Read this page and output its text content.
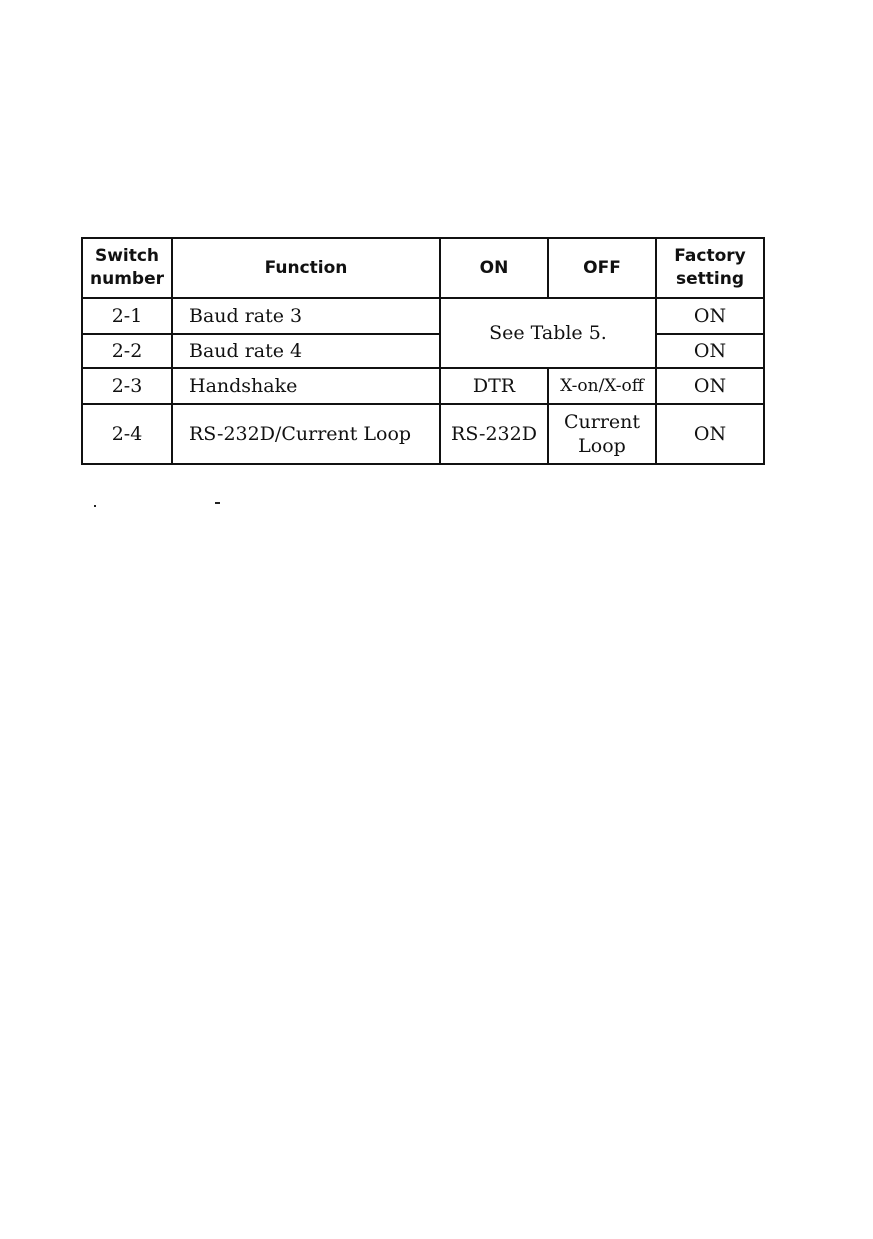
Switch number	Function	ON	OFF	Factory setting
2-1	Baud rate 3	See Table 5.		ON
2-2	Baud rate 4			ON
2-3	Handshake	DTR	X-on/X-off	ON
2-4	RS-232D/Current Loop	RS-232D	Current Loop	ON
